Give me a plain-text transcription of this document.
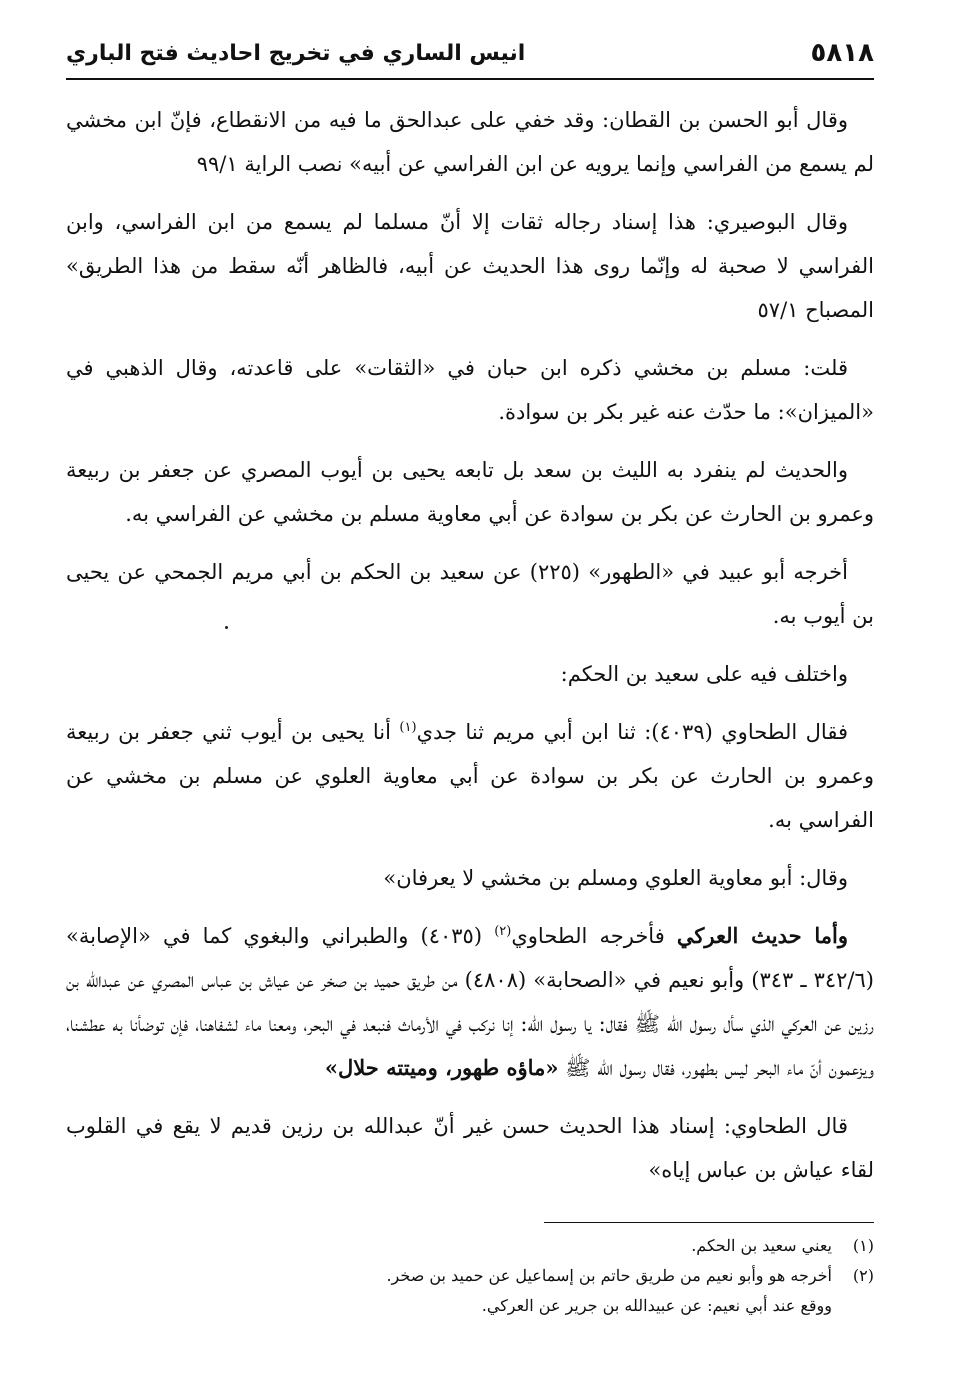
٥٨١٨
انيس الساري في تخريج احاديث فتح الباري

وقال أبو الحسن بن القطان: وقد خفي على عبدالحق ما فيه من الانقطاع، فإنّ ابن مخشي لم يسمع من الفراسي وإنما يرويه عن ابن الفراسي عن أبيه» نصب الراية ٩٩/١

وقال البوصيري: هذا إسناد رجاله ثقات إلا أنّ مسلما لم يسمع من ابن الفراسي، وابن الفراسي لا صحبة له وإنّما روى هذا الحديث عن أبيه، فالظاهر أنّه سقط من هذا الطريق» المصباح ٥٧/١

قلت: مسلم بن مخشي ذكره ابن حبان في «الثقات» على قاعدته، وقال الذهبي في «الميزان»: ما حدّث عنه غير بكر بن سوادة.

والحديث لم ينفرد به الليث بن سعد بل تابعه يحيى بن أيوب المصري عن جعفر بن ربيعة وعمرو بن الحارث عن بكر بن سوادة عن أبي معاوية مسلم بن مخشي عن الفراسي به.

أخرجه أبو عبيد في «الطهور» (٢٢٥) عن سعيد بن الحكم بن أبي مريم الجمحي عن يحيى بن أيوب به.

واختلف فيه على سعيد بن الحكم:

فقال الطحاوي (٤٠٣٩): ثنا ابن أبي مريم ثنا جدي$^{(١)}$ أنا يحيى بن أيوب ثني جعفر بن ربيعة وعمرو بن الحارث عن بكر بن سوادة عن أبي معاوية العلوي عن مسلم بن مخشي عن الفراسي به.

وقال: أبو معاوية العلوي ومسلم بن مخشي لا يعرفان»

وأما حديث العركي فأخرجه الطحاوي$^{(٢)}$ (٤٠٣٥) والطبراني والبغوي كما في «الإصابة» (٣٤٢/٦ ـ ٣٤٣) وأبو نعيم في «الصحابة» (٤٨٠٨) من طريق حميد بن صخر عن عياش بن عباس المصري عن عبدالله بن رزين عن العركي الذي سأل رسول الله ﷺ فقال: يا رسول الله: إنا نركب في الأرماث فنبعد في البحر، ومعنا ماء لشفاهنا، فإن توضأنا به عطشنا، ويزعمون أنّ ماء البحر ليس بطهور، فقال رسول الله ﷺ «ماؤه طهور، وميتته حلال»

قال الطحاوي: إسناد هذا الحديث حسن غير أنّ عبدالله بن رزين قديم لا يقع في القلوب لقاء عياش بن عباس إياه»

(١)
يعني سعيد بن الحكم.
(٢)
أخرجه هو وأبو نعيم من طريق حاتم بن إسماعيل عن حميد بن صخر.
ووقع عند أبي نعيم: عن عبيدالله بن جرير عن العركي.
